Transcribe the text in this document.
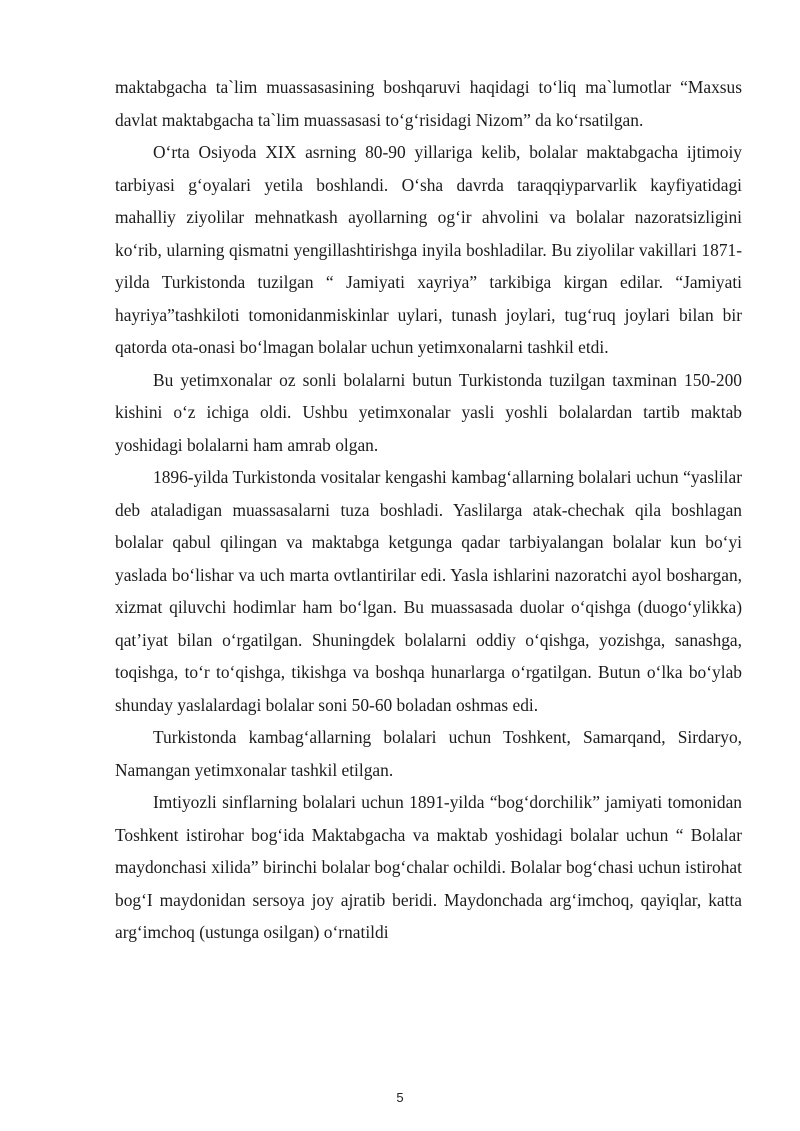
maktabgacha ta`lim muassasasining boshqaruvi haqidagi to‘liq ma`lumotlar “Maxsus davlat maktabgacha ta`lim muassasasi to‘g‘risidagi Nizom” da ko‘rsatilgan.

O‘rta Osiyoda XIX asrning 80-90 yillariga kelib, bolalar maktabgacha ijtimoiy tarbiyasi g‘oyalari yetila boshlandi. O‘sha davrda taraqqiyparvarlik kayfiyatidagi mahalliy ziyolilar mehnatkash ayollarning og‘ir ahvolini va bolalar nazoratsizligini ko‘rib, ularning qismatni yengillashtirishga inyila boshladilar. Bu ziyolilar vakillari 1871-yilda Turkistonda tuzilgan “ Jamiyati xayriya” tarkibiga kirgan edilar. “Jamiyati hayriya”tashkiloti tomonidanmiskinlar uylari, tunash joylari, tug‘ruq joylari bilan bir qatorda ota-onasi bo‘lmagan bolalar uchun yetimxonalarni tashkil etdi.

Bu yetimxonalar oz sonli bolalarni butun Turkistonda tuzilgan taxminan 150-200 kishini o‘z ichiga oldi. Ushbu yetimxonalar yasli yoshli bolalardan tartib maktab yoshidagi bolalarni ham amrab olgan.

1896-yilda Turkistonda vositalar kengashi kambag‘allarning bolalari uchun “yaslilar deb ataladigan muassasalarni tuza boshladi. Yaslilarga atak-chechak qila boshlagan bolalar qabul qilingan va maktabga ketgunga qadar tarbiyalangan bolalar kun bo‘yi yaslada bo‘lishar va uch marta ovtlantirilar edi. Yasla ishlarini nazoratchi ayol boshargan, xizmat qiluvchi hodimlar ham bo‘lgan. Bu muassasada duolar o‘qishga (duogo‘ylikka) qat’iyat bilan o‘rgatilgan. Shuningdek bolalarni oddiy o‘qishga, yozishga, sanashga, toqishga, to‘r to‘qishga, tikishga va boshqa hunarlarga o‘rgatilgan. Butun o‘lka bo‘ylab shunday yaslalardagi bolalar soni 50-60 boladan oshmas edi.

Turkistonda kambag‘allarning bolalari uchun Toshkent, Samarqand, Sirdaryo, Namangan yetimxonalar tashkil etilgan.

Imtiyozli sinflarning bolalari uchun 1891-yilda “bog‘dorchilik” jamiyati tomonidan Toshkent istirohar bog‘ida Maktabgacha va maktab yoshidagi bolalar uchun “ Bolalar maydonchasi xilida” birinchi bolalar bog‘chalar ochildi. Bolalar bog‘chasi uchun istirohat bog‘I maydonidan sersoya joy ajratib beridi. Maydonchada arg‘imchoq, qayiqlar, katta arg‘imchoq (ustunga osilgan) o‘rnatildi

5
